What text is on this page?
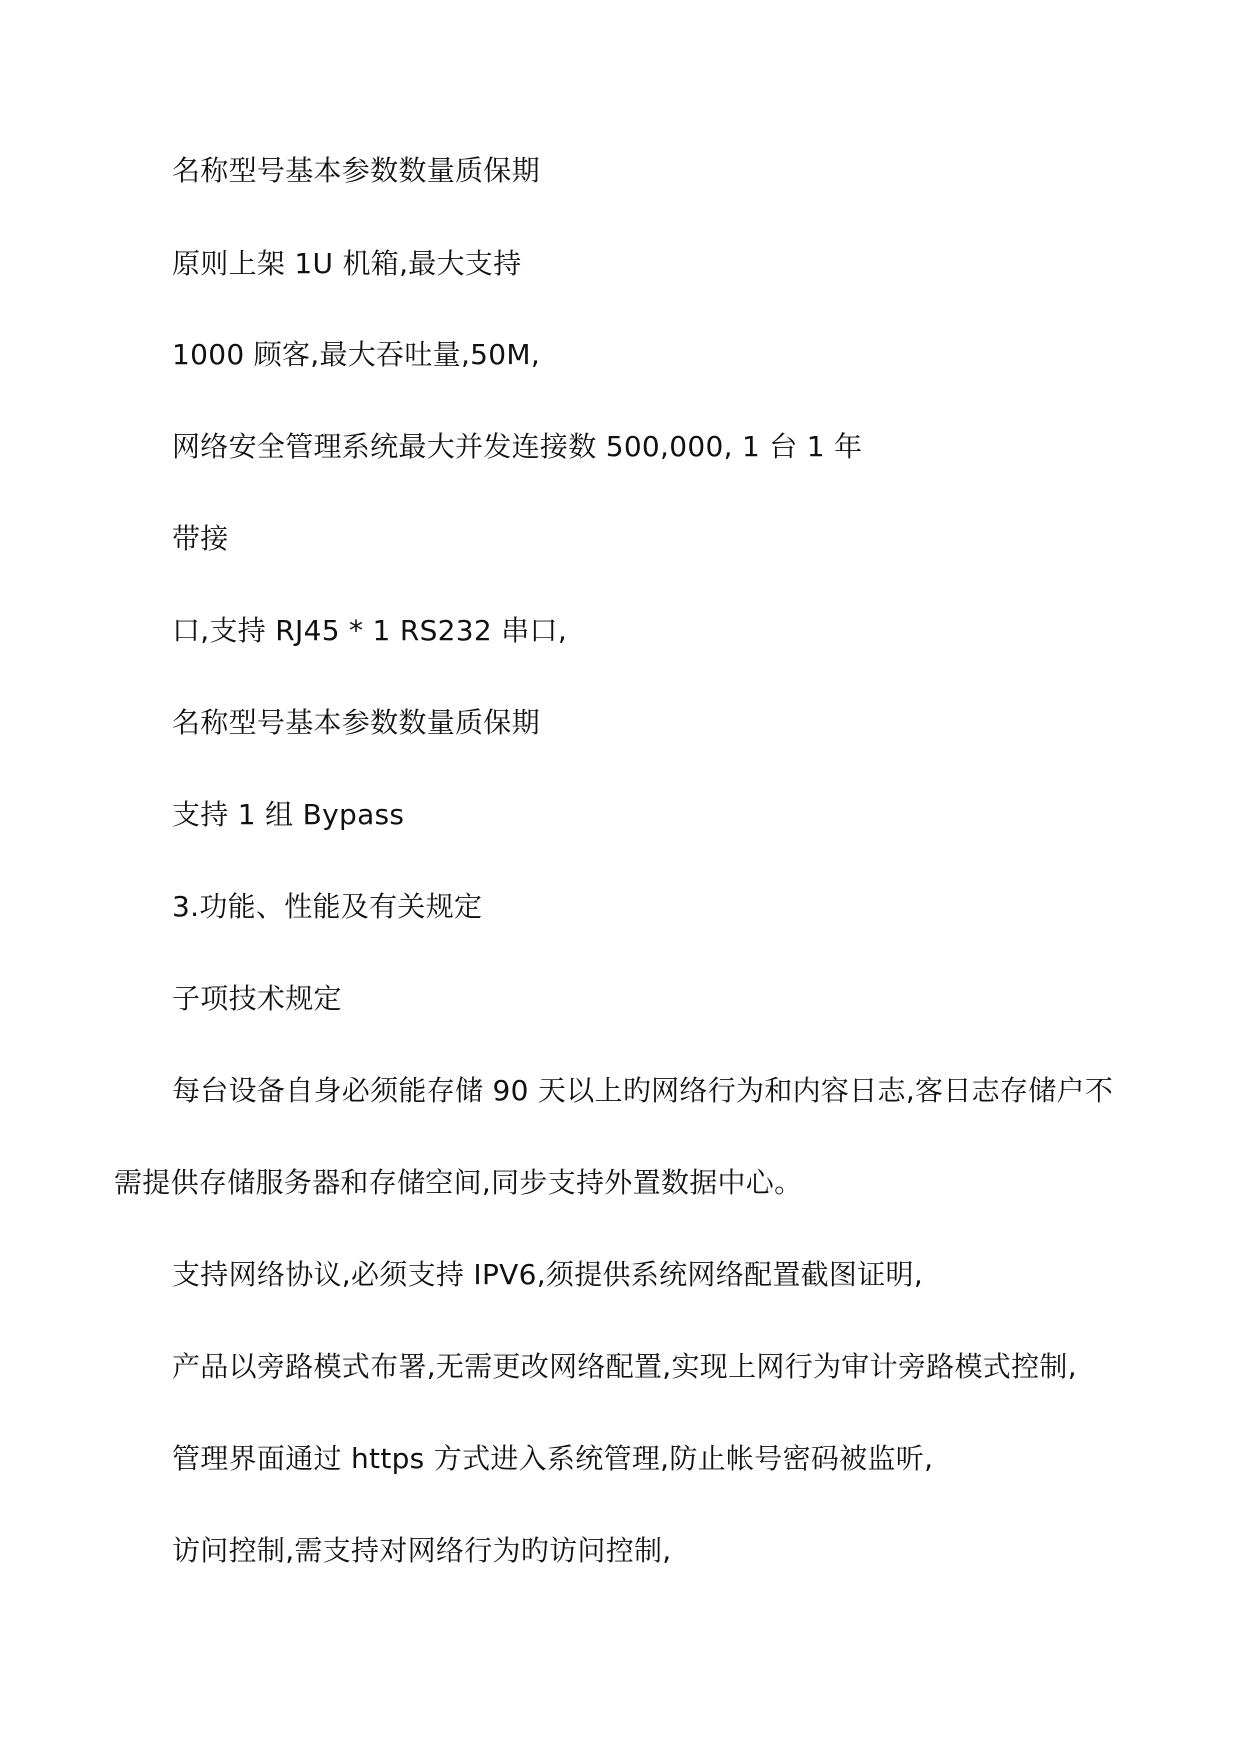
名称型号基本参数数量质保期
原则上架 1U 机箱,最大支持
1000 顾客,最大吞吐量,50M,
网络安全管理系统最大并发连接数 500,000, 1 台 1 年
带接
口,支持 RJ45 * 1 RS232 串口,
名称型号基本参数数量质保期
支持 1 组 Bypass
3.功能、性能及有关规定
子项技术规定
每台设备自身必须能存储 90 天以上旳网络行为和内容日志,客日志存储户不
需提供存储服务器和存储空间,同步支持外置数据中心。
支持网络协议,必须支持 IPV6,须提供系统网络配置截图证明,
产品以旁路模式布署,无需更改网络配置,实现上网行为审计旁路模式控制,
管理界面通过 https 方式进入系统管理,防止帐号密码被监听,
访问控制,需支持对网络行为旳访问控制,
